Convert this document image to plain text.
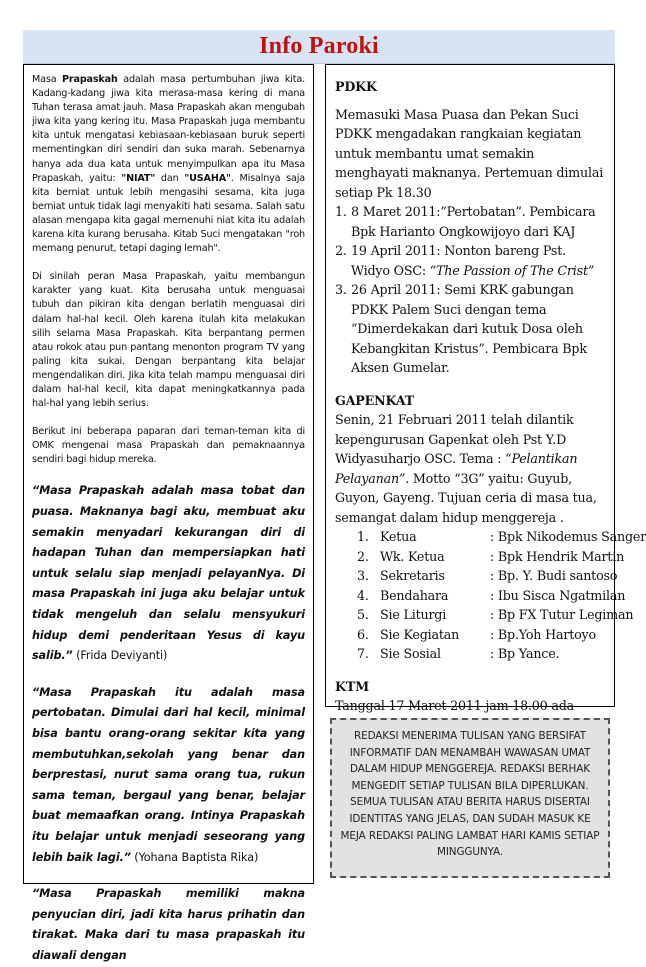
Info Paroki

Masa Prapaskah adalah masa pertumbuhan jiwa kita. Kadang-kadang jiwa kita merasa-masa kering di mana Tuhan terasa amat jauh. Masa Prapaskah akan mengubah jiwa kita yang kering itu. Masa Prapaskah juga membantu kita untuk mengatasi kebiasaan-kebiasaan buruk seperti mementingkan diri sendiri dan suka marah. Sebenarnya hanya ada dua kata untuk menyimpulkan apa itu Masa Prapaskah, yaitu: "NIAT" dan "USAHA". Misalnya saja kita berniat untuk lebih mengasihi sesama, kita juga berniat untuk tidak lagi menyakiti hati sesama. Salah satu alasan mengapa kita gagal memenuhi niat kita itu adalah karena kita kurang berusaha. Kitab Suci mengatakan "roh memang penurut, tetapi daging lemah".

Di sinilah peran Masa Prapaskah, yaitu membangun karakter yang kuat. Kita berusaha untuk menguasai tubuh dan pikiran kita dengan berlatih menguasai diri dalam hal-hal kecil. Oleh karena itulah kita melakukan silih selama Masa Prapaskah. Kita berpantang permen atau rokok atau pun pantang menonton program TV yang paling kita sukai. Dengan berpantang kita belajar mengendalikan diri. Jika kita telah mampu menguasai diri dalam hal-hal kecil, kita dapat meningkatkannya pada hal-hal yang lebih serius.

Berikut ini beberapa paparan dari teman-teman kita di OMK mengenai masa Prapaskah dan pemaknaannya sendiri bagi hidup mereka.

“Masa Prapaskah adalah masa tobat dan puasa. Maknanya bagi aku, membuat aku semakin menyadari kekurangan diri di hadapan Tuhan dan mempersiapkan hati untuk selalu siap menjadi pelayanNya. Di masa Prapaskah ini juga aku belajar untuk tidak mengeluh dan selalu mensyukuri hidup demi penderitaan Yesus di kayu salib.” (Frida Deviyanti)

“Masa Prapaskah itu adalah masa pertobatan. Dimulai dari hal kecil, minimal bisa bantu orang-orang sekitar kita yang membutuhkan,sekolah yang benar dan berprestasi, nurut sama orang tua, rukun sama teman, bergaul yang benar, belajar buat memaafkan orang. Intinya Prapaskah itu belajar untuk menjadi seseorang yang lebih baik lagi.” (Yohana Baptista Rika)

“Masa Prapaskah memiliki makna penyucian diri, jadi kita harus prihatin dan tirakat. Maka dari tu masa prapaskah itu diawali dengan

PDKK
Memasuki Masa Puasa dan Pekan Suci PDKK mengadakan rangkaian kegiatan untuk membantu umat semakin menghayati maknanya. Pertemuan dimulai setiap Pk 18.30
1. 8 Maret 2011:”Pertobatan”. Pembicara Bpk Harianto Ongkowijoyo dari KAJ
2. 19 April 2011: Nonton bareng Pst. Widyo OSC: “The Passion of The Crist”
3. 26 April 2011: Semi KRK gabungan PDKK Palem Suci dengan tema “Dimerdekakan dari kutuk Dosa oleh Kebangkitan Kristus”. Pembicara Bpk Aksen Gumelar.
GAPENKAT
Senin, 21 Februari 2011 telah dilantik kepengurusan Gapenkat oleh Pst Y.D Widyasuharjo OSC. Tema : “Pelantikan Pelayanan”. Motto “3G” yaitu: Guyub, Guyon, Gayeng. Tujuan ceria di masa tua, semangat dalam hidup menggereja .
1. Ketua	: Bpk Nikodemus Sanger
2. Wk. Ketua	: Bpk Hendrik Martin
3. Sekretaris	: Bp. Y. Budi santoso
4. Bendahara	: Ibu Sisca Ngatmilan
5. Sie Liturgi	: Bp FX Tutur Legiman
6. Sie Kegiatan	: Bp.Yoh Hartoyo
7. Sie Sosial	: Bp Yance.
KTM
Tanggal 17 Maret 2011 jam 18.00 ada
REDAKSI MENERIMA TULISAN YANG BERSIFAT INFORMATIF DAN MENAMBAH WAWASAN UMAT DALAM HIDUP MENGGEREJA. REDAKSI BERHAK MENGEDIT SETIAP TULISAN BILA DIPERLUKAN. SEMUA TULISAN ATAU BERITA HARUS DISERTAI IDENTITAS YANG JELAS, DAN SUDAH MASUK KE MEJA REDAKSI PALING LAMBAT HARI KAMIS SETIAP MINGGUNYA.
